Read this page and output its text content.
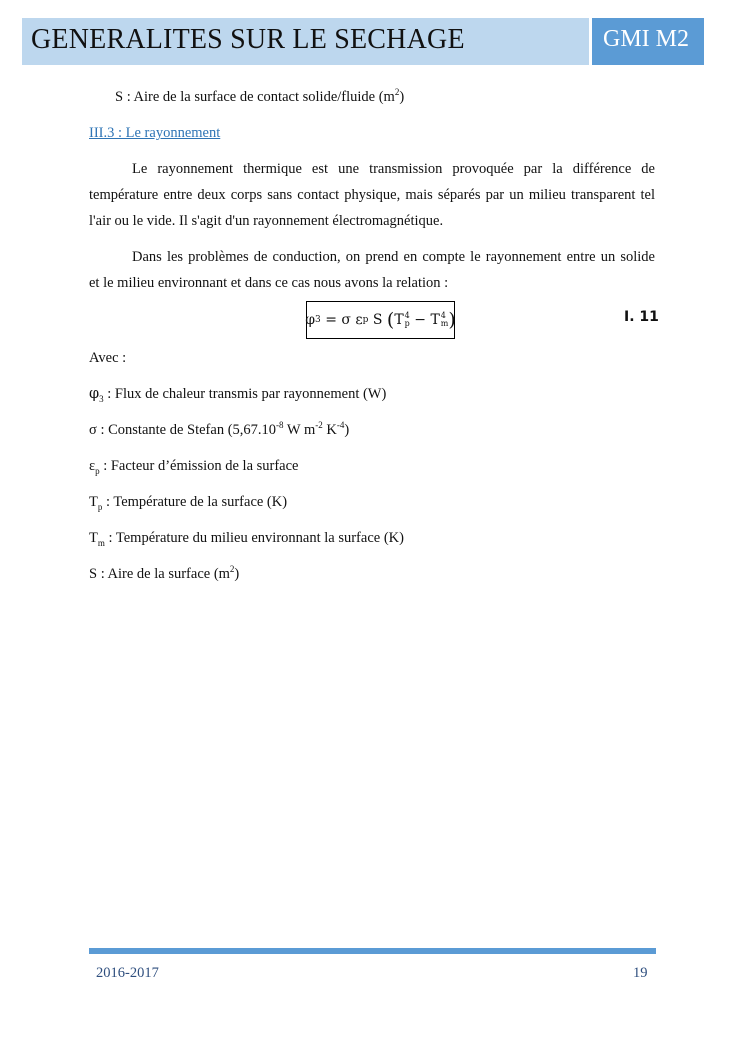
GENERALITES SUR LE SECHAGE	GMI M2
S : Aire de la surface de contact solide/fluide $(m^2)$
III.3 : Le rayonnement
Le rayonnement thermique est une transmission provoquée par la différence de
température entre deux corps sans contact physique, mais séparés par un milieu transparent tel
l'air ou le vide. Il s'agit d'un rayonnement électromagnétique.
Dans les problèmes de conduction, on prend en compte le rayonnement entre un solide
et le milieu environnant et dans ce cas nous avons la relation :
φ 3 = σ ε p S ( T 4
p − T 4
m )	I. 11
Avec :
$\varphi_3$ : Flux de chaleur transmis par rayonnement (W)
σ : Constante de Stefan ($5,67.10^{-8}$ W $m^{-2}$ $K^{-4}$)
$\varepsilon_p$ : Facteur d’émission de la surface
$T_p$ : Température de la surface (K)
$T_m$ : Température du milieu environnant la surface (K)
S : Aire de la surface $(m^2)$
2016-2017	19
